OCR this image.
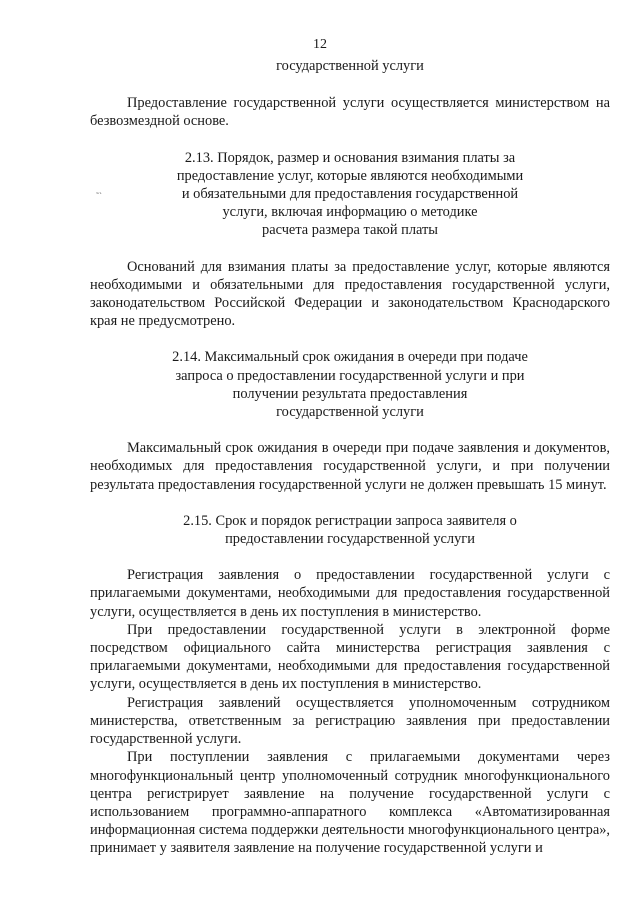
12
˜`

государственной услуги

Предоставление государственной услуги осуществляется министерством на безвозмездной основе.

2.13. Порядок, размер и основания взимания платы за
предоставление услуг, которые являются необходимыми
и обязательными для предоставления государственной
услуги, включая информацию о методике
расчета размера такой платы

Оснований для взимания платы за предоставление услуг, которые являются необходимыми и обязательными для предоставления государственной услуги, законодательством Российской Федерации и законодательством Краснодарского края не предусмотрено.

2.14. Максимальный срок ожидания в очереди при подаче
запроса о предоставлении государственной услуги и при
получении результата предоставления
государственной услуги

Максимальный срок ожидания в очереди при подаче заявления и документов, необходимых для предоставления государственной услуги, и при получении результата предоставления государственной услуги не должен превышать 15 минут.

2.15. Срок и порядок регистрации запроса заявителя о
предоставлении государственной услуги

Регистрация заявления о предоставлении государственной услуги с прилагаемыми документами, необходимыми для предоставления государственной услуги, осуществляется в день их поступления в министерство.

При предоставлении государственной услуги в электронной форме посредством официального сайта министерства регистрация заявления с прилагаемыми документами, необходимыми для предоставления государственной услуги, осуществляется в день их поступления в министерство.

Регистрация заявлений осуществляется уполномоченным сотрудником министерства, ответственным за регистрацию заявления при предоставлении государственной услуги.

При поступлении заявления с прилагаемыми документами через многофункциональный центр уполномоченный сотрудник многофункционального центра регистрирует заявление на получение государственной услуги с использованием программно-аппаратного комплекса «Автоматизированная информационная система поддержки деятельности многофункционального центра», принимает у заявителя заявление на получение государственной услуги и
